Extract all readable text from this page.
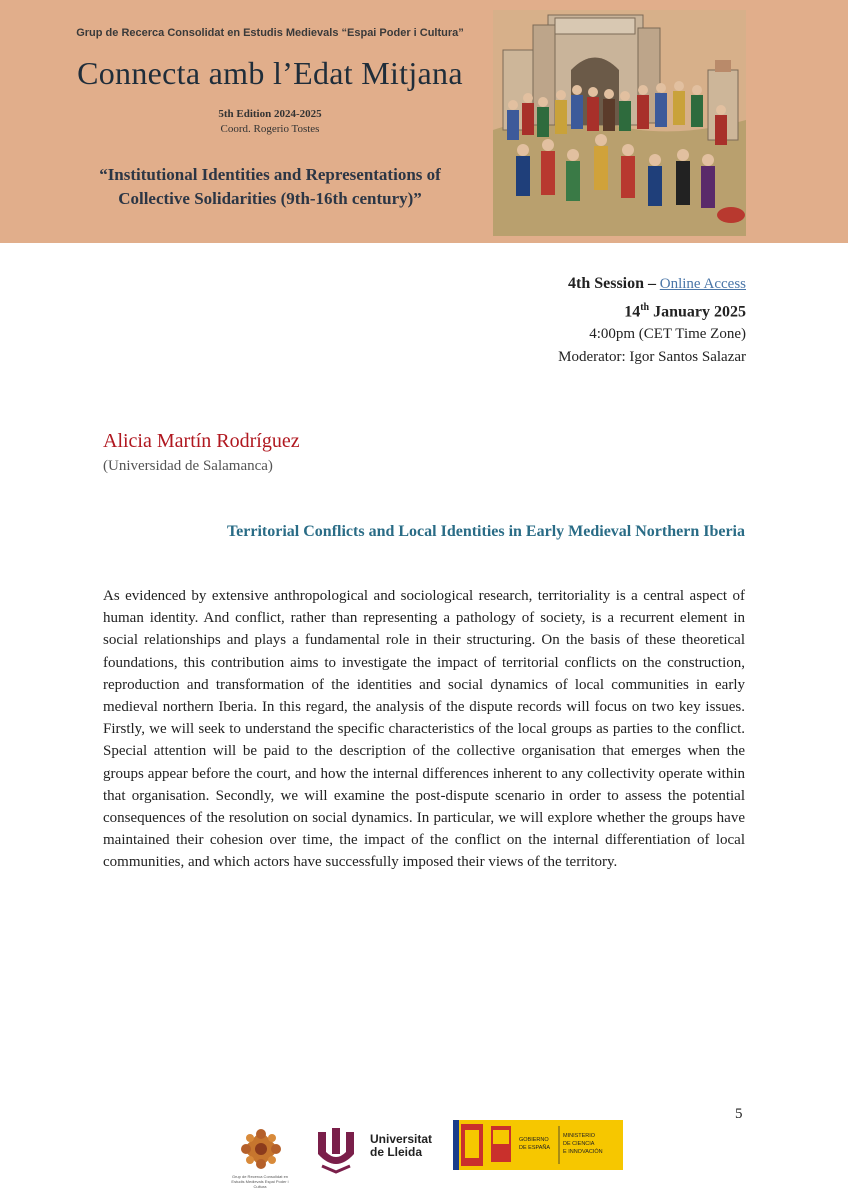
Grup de Recerca Consolidat en Estudis Medievals “Espai Poder i Cultura”
Connecta amb l’Edat Mitjana
5th Edition 2024-2025
Coord. Rogerio Tostes
“Institutional Identities and Representations of
Collective Solidarities (9th-16th century)”
4th Session – Online Access
14th January 2025
4:00pm (CET Time Zone)
Moderator: Igor Santos Salazar
Alicia Martín Rodríguez
(Universidad de Salamanca)
Territorial Conflicts and Local Identities in Early Medieval Northern Iberia
As evidenced by extensive anthropological and sociological research, territoriality is a central aspect of human identity. And conflict, rather than representing a pathology of society, is a recurrent element in social relationships and plays a fundamental role in their structuring. On the basis of these theoretical foundations, this contribution aims to investigate the impact of territorial conflicts on the construction, reproduction and transformation of the identities and social dynamics of local communities in early medieval northern Iberia. In this regard, the analysis of the dispute records will focus on two key issues. Firstly, we will seek to understand the specific characteristics of the local groups as parties to the conflict. Special attention will be paid to the description of the collective organisation that emerges when the groups appear before the court, and how the internal differences inherent to any collectivity operate within that organisation. Secondly, we will examine the post-dispute scenario in order to assess the potential consequences of the resolution on social dynamics. In particular, we will explore whether the groups have maintained their cohesion over time, the impact of the conflict on the internal differentiation of local communities, and which actors have successfully imposed their views of the territory.
5
Grup de Recerca Consolidat en Estudis Medievals Espai Poder i Cultura
Universitat
de Lleida
GOBIERNO
DE ESPAÑA
MINISTERIO
DE CIENCIA
E INNOVACIÓN
